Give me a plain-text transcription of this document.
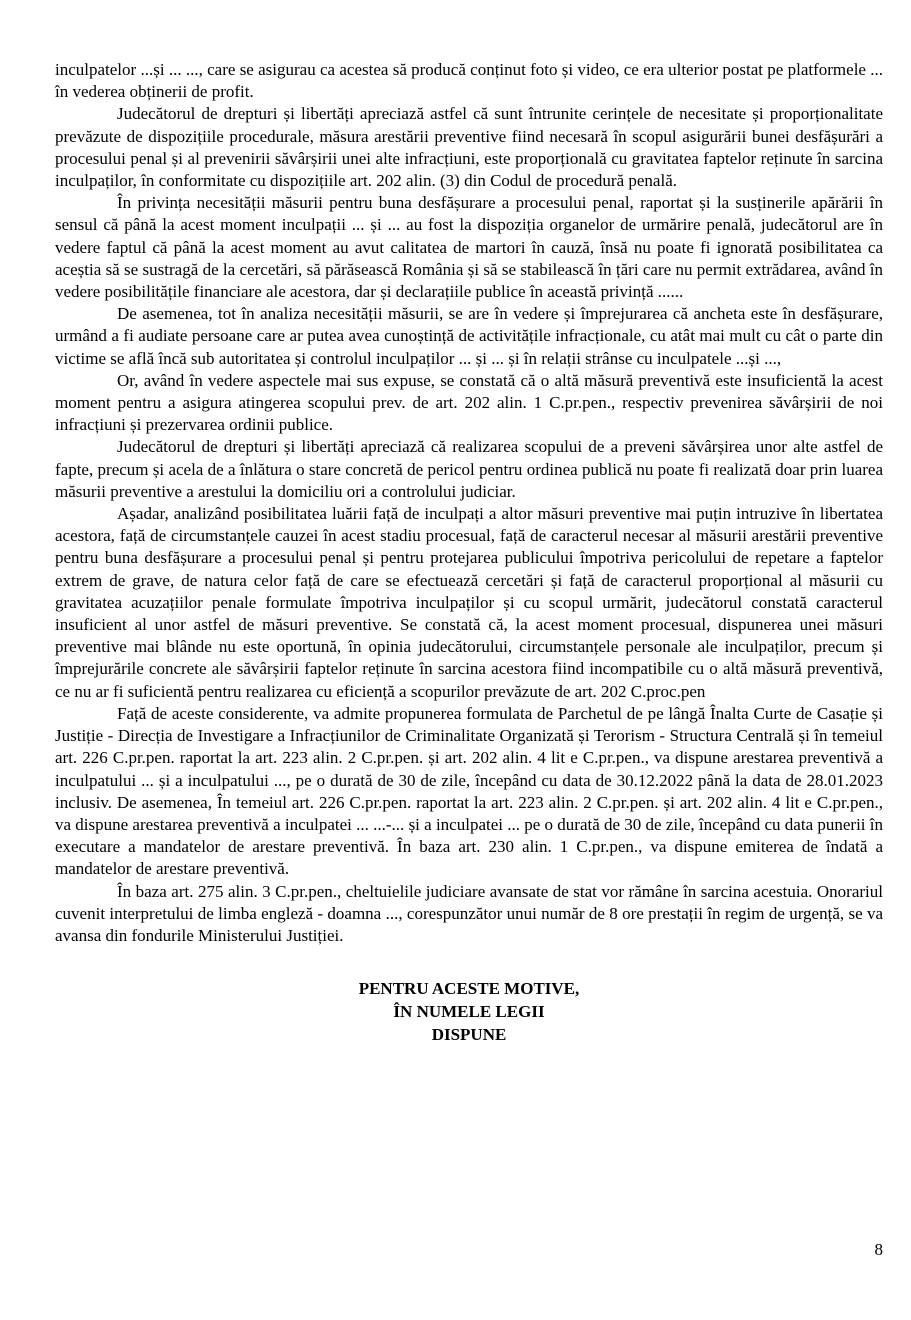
inculpatelor ...și ... ..., care se asigurau ca acestea să producă conținut foto și video, ce era ulterior postat pe platformele ... în vederea obținerii de profit.

Judecătorul de drepturi și libertăți apreciază astfel că sunt întrunite cerințele de necesitate și proporționalitate prevăzute de dispozițiile procedurale, măsura arestării preventive fiind necesară în scopul asigurării bunei desfășurări a procesului penal și al prevenirii săvârșirii unei alte infracțiuni, este proporțională cu gravitatea faptelor reținute în sarcina inculpaților, în conformitate cu dispozițiile art. 202 alin. (3) din Codul de procedură penală.

În privința necesității măsurii pentru buna desfășurare a procesului penal, raportat și la susținerile apărării în sensul că până la acest moment inculpații ... și ... au fost la dispoziția organelor de urmărire penală, judecătorul are în vedere faptul că până la acest moment au avut calitatea de martori în cauză, însă nu poate fi ignorată posibilitatea ca aceștia să se sustragă de la cercetări, să părăsească România și să se stabilească în țări care nu permit extrădarea, având în vedere posibilitățile financiare ale acestora, dar și declarațiile publice în această privință ......

De asemenea, tot în analiza necesității măsurii, se are în vedere și împrejurarea că ancheta este în desfășurare, urmând a fi audiate persoane care ar putea avea cunoștință de activitățile infracționale, cu atât mai mult cu cât o parte din victime se află încă sub autoritatea și controlul inculpaților ... și ... și în relații strânse cu inculpatele ...și ...,

Or, având în vedere aspectele mai sus expuse, se constată că o altă măsură preventivă este insuficientă la acest moment pentru a asigura atingerea scopului prev. de art. 202 alin. 1 C.pr.pen., respectiv prevenirea săvârșirii de noi infracțiuni și prezervarea ordinii publice.

Judecătorul de drepturi și libertăți apreciază că realizarea scopului de a preveni săvârșirea unor alte astfel de fapte, precum și acela de a înlătura o stare concretă de pericol pentru ordinea publică nu poate fi realizată doar prin luarea măsurii preventive a arestului la domiciliu ori a controlului judiciar.

Așadar, analizând posibilitatea luării față de inculpați a altor măsuri preventive mai puțin intruzive în libertatea acestora, față de circumstanțele cauzei în acest stadiu procesual, față de caracterul necesar al măsurii arestării preventive pentru buna desfășurare a procesului penal și pentru protejarea publicului împotriva pericolului de repetare a faptelor extrem de grave, de natura celor față de care se efectuează cercetări și față de caracterul proporțional al măsurii cu gravitatea acuzațiilor penale formulate împotriva inculpaților și cu scopul urmărit, judecătorul constată caracterul insuficient al unor astfel de măsuri preventive. Se constată că, la acest moment procesual, dispunerea unei măsuri preventive mai blânde nu este oportună, în opinia judecătorului, circumstanțele personale ale inculpaților, precum și împrejurările concrete ale săvârșirii faptelor reținute în sarcina acestora fiind incompatibile cu o altă măsură preventivă, ce nu ar fi suficientă pentru realizarea cu eficiență a scopurilor prevăzute de art. 202 C.proc.pen

Față de aceste considerente, va admite propunerea formulata de Parchetul de pe lângă Înalta Curte de Casație și Justiție - Direcția de Investigare a Infracțiunilor de Criminalitate Organizată și Terorism - Structura Centrală și în temeiul art. 226 C.pr.pen. raportat la art. 223 alin. 2 C.pr.pen. și art. 202 alin. 4 lit e C.pr.pen., va dispune arestarea preventivă a inculpatului ... și a inculpatului ..., pe o durată de 30 de zile, începând cu data de 30.12.2022 până la data de 28.01.2023 inclusiv. De asemenea, În temeiul art. 226 C.pr.pen. raportat la art. 223 alin. 2 C.pr.pen. și art. 202 alin. 4 lit e C.pr.pen., va dispune arestarea preventivă a inculpatei ... ...-... și a inculpatei ... pe o durată de 30 de zile, începând cu data punerii în executare a mandatelor de arestare preventivă. În baza art. 230 alin. 1 C.pr.pen., va dispune emiterea de îndată a mandatelor de arestare preventivă.

În baza art. 275 alin. 3 C.pr.pen., cheltuielile judiciare avansate de stat vor rămâne în sarcina acestuia. Onorariul cuvenit interpretului de limba engleză - doamna ..., corespunzător unui număr de 8 ore prestații în regim de urgență, se va avansa din fondurile Ministerului Justiției.

PENTRU ACESTE MOTIVE,
ÎN NUMELE LEGII
DISPUNE
8
